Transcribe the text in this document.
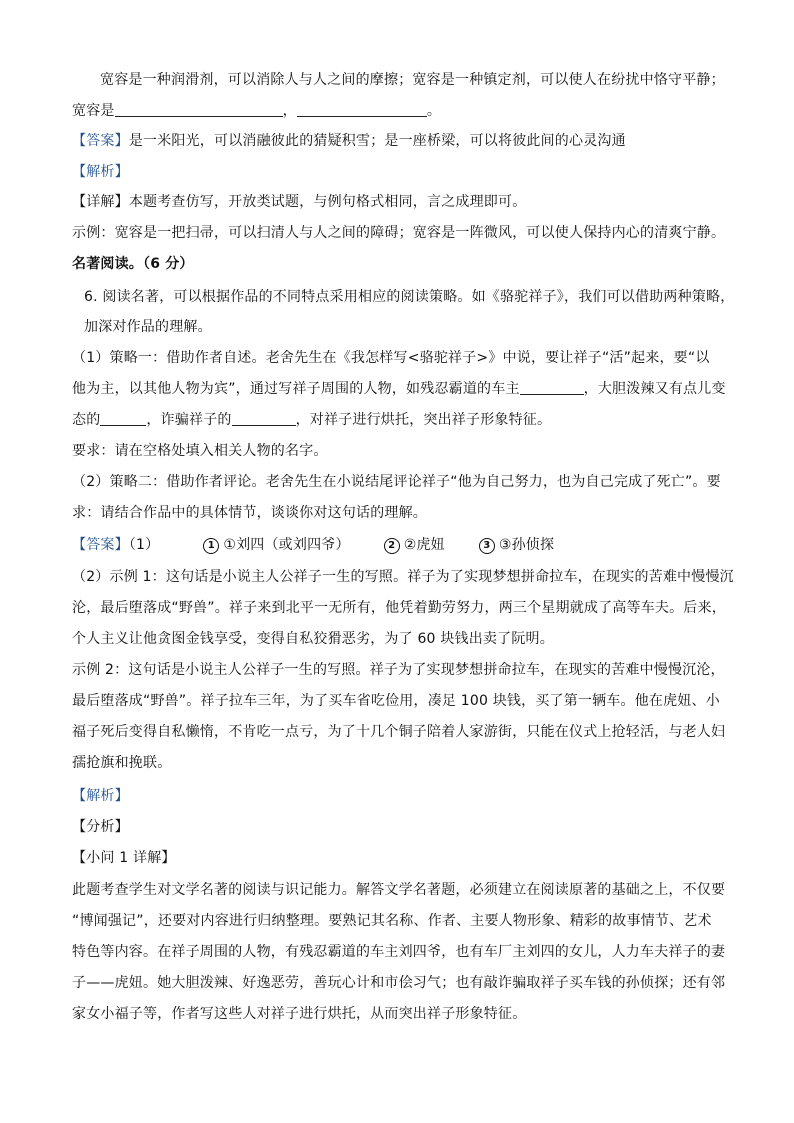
宽容是一种润滑剂，可以消除人与人之间的摩擦；宽容是一种镇定剂，可以使人在纷扰中恪守平静；
宽容是	，	。
【答案】是一米阳光，可以消融彼此的猜疑积雪；是一座桥梁，可以将彼此间的心灵沟通
【解析】
【详解】本题考查仿写，开放类试题，与例句格式相同，言之成理即可。
示例：宽容是一把扫帚，可以扫清人与人之间的障碍；宽容是一阵微风，可以使人保持内心的清爽宁静。
名著阅读。（6 分）
6. 阅读名著，可以根据作品的不同特点采用相应的阅读策略。如《骆驼祥子》，我们可以借助两种策略，
加深对作品的理解。
（1）策略一：借助作者自述。老舍先生在《我怎样写<骆驼祥子>》中说，要让祥子“活”起来，要“以
他为主，以其他人物为宾”，通过写祥子周围的人物，如残忍霸道的车主	，大胆泼辣又有点儿变
态的	，诈骗祥子的	，对祥子进行烘托，突出祥子形象特征。
要求：请在空格处填入相关人物的名字。
（2）策略二：借助作者评论。老舍先生在小说结尾评论祥子“他为自己努力，也为自己完成了死亡”。要
求：请结合作品中的具体情节，谈谈你对这句话的理解。
【答案】（1）	1 ①刘四（或刘四爷）	2 ②虎妞	3 ③孙侦探
（2）示例 1：这句话是小说主人公祥子一生的写照。祥子为了实现梦想拼命拉车，在现实的苦难中慢慢沉
沦，最后堕落成“野兽”。祥子来到北平一无所有，他凭着勤劳努力，两三个星期就成了高等车夫。后来，
个人主义让他贪图金钱享受，变得自私狡猾恶劣，为了 60 块钱出卖了阮明。
示例 2：这句话是小说主人公祥子一生的写照。祥子为了实现梦想拼命拉车，在现实的苦难中慢慢沉沦，
最后堕落成“野兽”。祥子拉车三年，为了买车省吃俭用，凑足 100 块钱，买了第一辆车。他在虎妞、小
福子死后变得自私懒惰，不肯吃一点亏，为了十几个铜子陪着人家游街，只能在仪式上抢轻活，与老人妇
孺抢旗和挽联。
【解析】
【分析】
【小问 1 详解】
此题考查学生对文学名著的阅读与识记能力。解答文学名著题，必须建立在阅读原著的基础之上，不仅要
“博闻强记”，还要对内容进行归纳整理。要熟记其名称、作者、主要人物形象、精彩的故事情节、艺术
特色等内容。在祥子周围的人物，有残忍霸道的车主刘四爷，也有车厂主刘四的女儿，人力车夫祥子的妻
子——虎妞。她大胆泼辣、好逸恶劳，善玩心计和市侩习气；也有敲诈骗取祥子买车钱的孙侦探；还有邻
家女小福子等，作者写这些人对祥子进行烘托，从而突出祥子形象特征。
